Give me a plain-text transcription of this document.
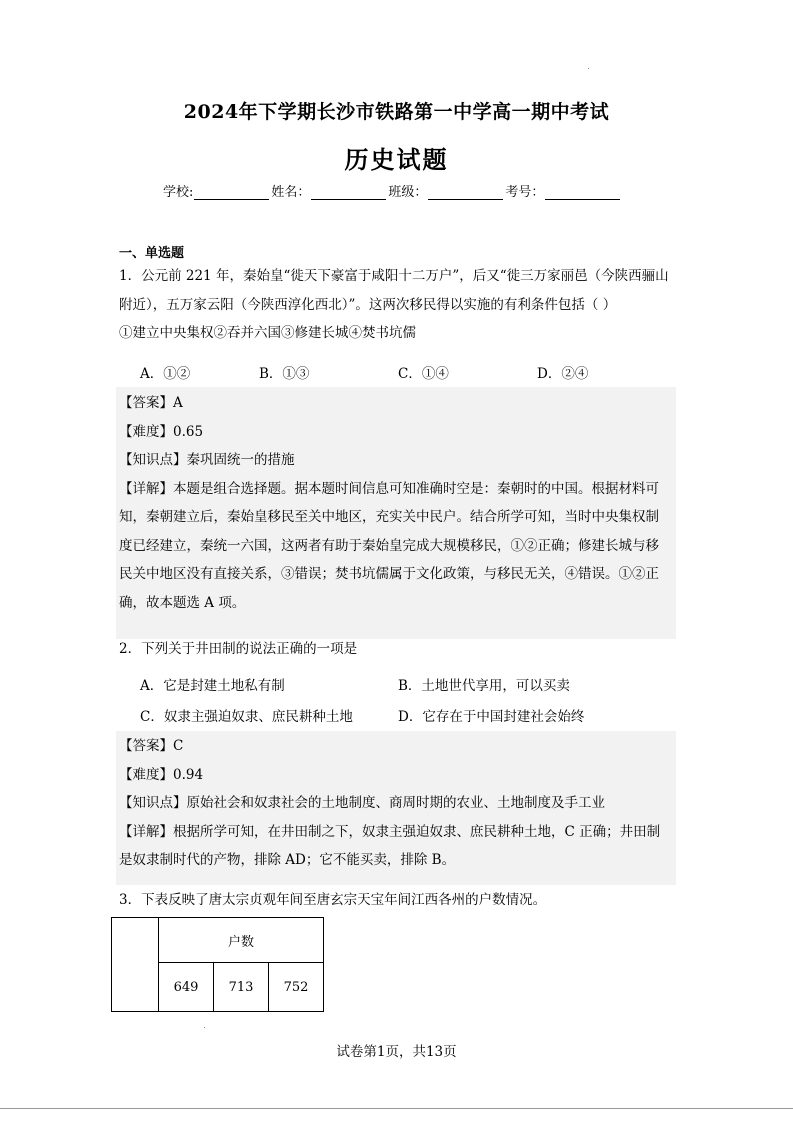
2024年下学期长沙市铁路第一中学高一期中考试
历史试题
学校:	姓名：	班级：	考号：
一、单选题
1．公元前 221 年，秦始皇“徙天下豪富于咸阳十二万户”，后又“徙三万家丽邑（今陕西骊山
附近），五万家云阳（今陕西淳化西北）”。这两次移民得以实施的有利条件包括（ ）
①建立中央集权②吞并六国③修建长城④焚书坑儒
A．①②	B．①③	C．①④	D．②④
【答案】A
【难度】0.65
【知识点】秦巩固统一的措施
【详解】本题是组合选择题。据本题时间信息可知准确时空是：秦朝时的中国。根据材料可
知，秦朝建立后，秦始皇移民至关中地区，充实关中民户。结合所学可知，当时中央集权制
度已经建立，秦统一六国，这两者有助于秦始皇完成大规模移民，①②正确；修建长城与移
民关中地区没有直接关系，③错误；焚书坑儒属于文化政策，与移民无关，④错误。①②正
确，故本题选 A 项。
2．下列关于井田制的说法正确的一项是
A．它是封建土地私有制	B．土地世代享用，可以买卖
C．奴隶主强迫奴隶、庶民耕种土地	D．它存在于中国封建社会始终
【答案】C
【难度】0.94
【知识点】原始社会和奴隶社会的土地制度、商周时期的农业、土地制度及手工业
【详解】根据所学可知，在井田制之下，奴隶主强迫奴隶、庶民耕种土地，C 正确；井田制
是奴隶制时代的产物，排除 AD；它不能买卖，排除 B。
3．下表反映了唐太宗贞观年间至唐玄宗天宝年间江西各州的户数情况。
	户数		
	649	713	752
试卷第1页，共13页
